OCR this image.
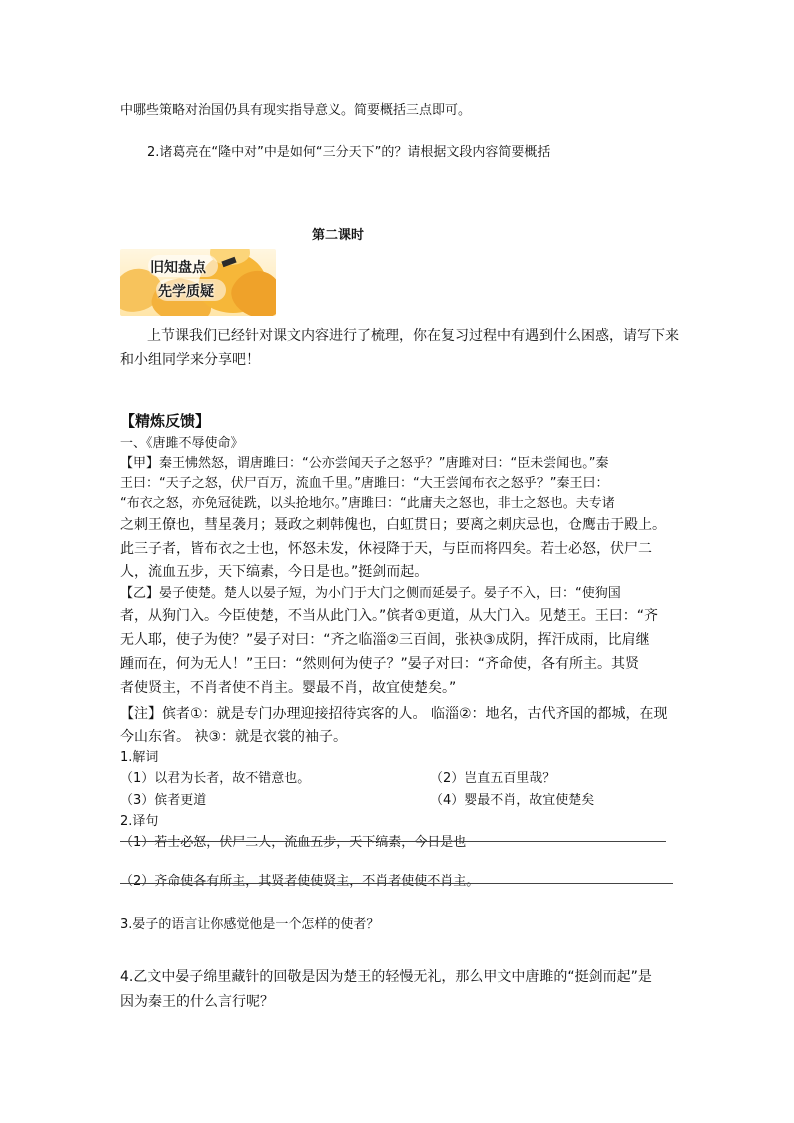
中哪些策略对治国仍具有现实指导意义。简要概括三点即可。
2.诸葛亮在“隆中对”中是如何“三分天下”的？请根据文段内容简要概括
第二课时
旧知盘点
先学质疑
上节课我们已经针对课文内容进行了梳理，你在复习过程中有遇到什么困惑，请写下来
和小组同学来分享吧！
【精炼反馈】
一、《唐雎不辱使命》
【甲】秦王怫然怒，谓唐雎曰：“公亦尝闻天子之怒乎？”唐雎对曰：“臣未尝闻也。”秦
王曰：“天子之怒，伏尸百万，流血千里。”唐雎曰：“大王尝闻布衣之怒乎？”秦王曰：
“布衣之怒，亦免冠徒跣，以头抢地尔。”唐雎曰：“此庸夫之怒也，非士之怒也。夫专诸
之刺王僚也，彗星袭月；聂政之刺韩傀也，白虹贯日；要离之刺庆忌也，仓鹰击于殿上。
此三子者，皆布衣之士也，怀怒未发，休祲降于天，与臣而将四矣。若士必怒，伏尸二
人，流血五步，天下缟素，今日是也。”挺剑而起。
【乙】晏子使楚。楚人以晏子短，为小门于大门之侧而延晏子。晏子不入，曰：“使狗国
者，从狗门入。今臣使楚，不当从此门入。”傧者①更道，从大门入。见楚王。王曰：“齐
无人耶，使子为使？”晏子对曰：“齐之临淄②三百闾，张袂③成阴，挥汗成雨，比肩继
踵而在，何为无人！”王曰：“然则何为使子？”晏子对曰：“齐命使，各有所主。其贤
者使贤主，不肖者使不肖主。婴最不肖，故宜使楚矣。”
【注】傧者①：就是专门办理迎接招待宾客的人。 临淄②：地名，古代齐国的都城，在现
今山东省。 袂③：就是衣裳的袖子。
1.解词
（1）以君为长者，故不错意也。	（2）岂直五百里哉？
（3）傧者更道	（4）婴最不肖，故宜使楚矣
2.译句
（1）若士必怒，伏尸二人，流血五步，天下缟素，今日是也
（2）齐命使各有所主，其贤者使使贤主，不肖者使使不肖主。
3.晏子的语言让你感觉他是一个怎样的使者？
4.乙文中晏子绵里藏针的回敬是因为楚王的轻慢无礼，那么甲文中唐雎的“挺剑而起”是
因为秦王的什么言行呢？
